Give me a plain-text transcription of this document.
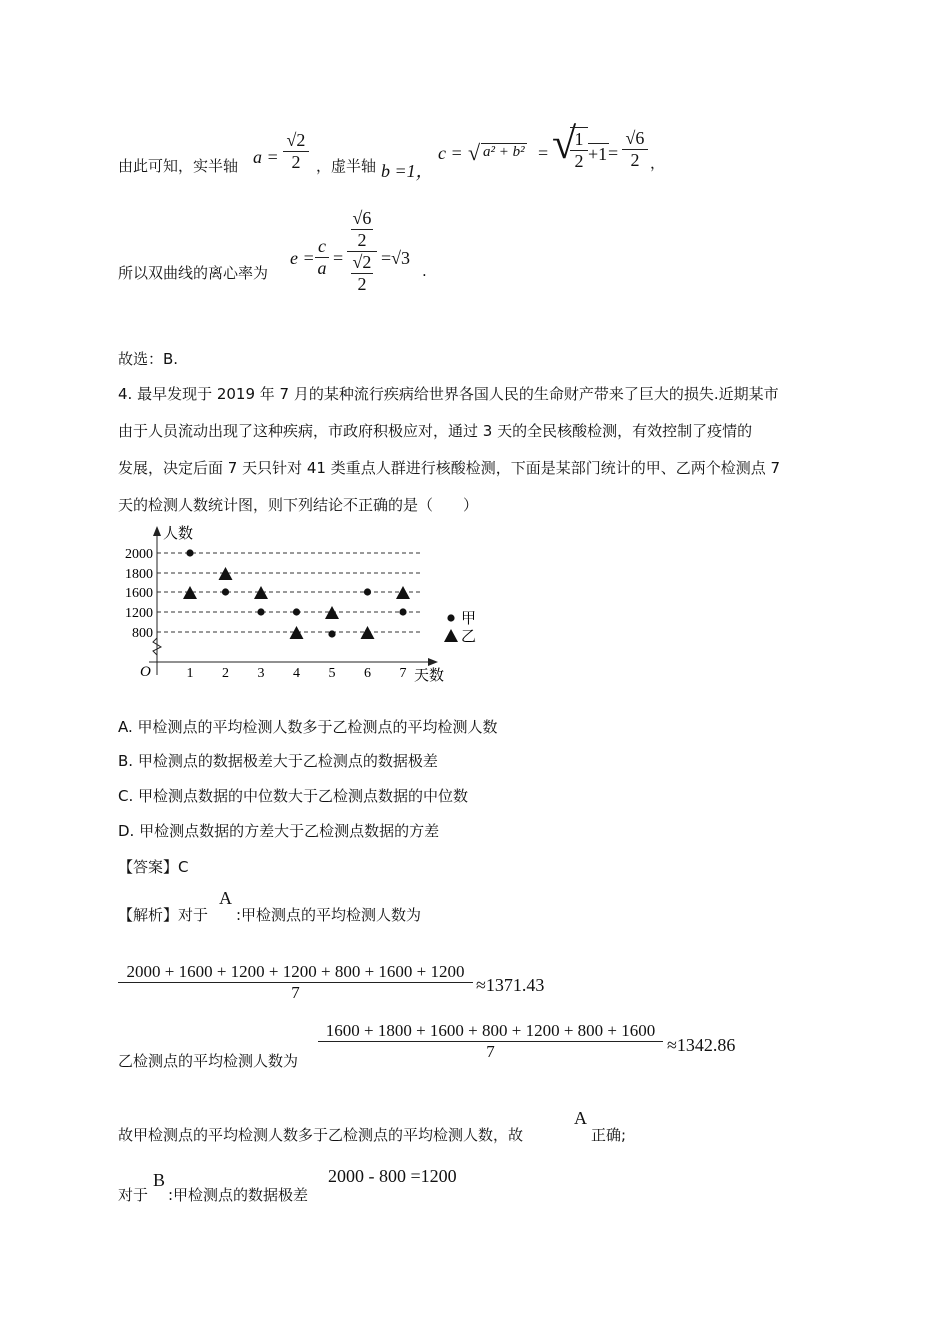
由此可知，实半轴 a =
√2
2	，虚半轴 b =1，
c = √ a² + b² = √
1
2 +1 =
√6
2 ，
所以双曲线的离心率为
e =
c
a =
√6
2
√2
2
=√3
.
故选：B.
4. 最早发现于 2019 年 7 月的某种流行疾病给世界各国人民的生命财产带来了巨大的损失.近期某市
由于人员流动出现了这种疾病，市政府积极应对，通过 3 天的全民核酸检测，有效控制了疫情的
发展，决定后面 7 天只针对 41 类重点人群进行核酸检测，下面是某部门统计的甲、乙两个检测点 7
天的检测人数统计图，则下列结论不正确的是（　　）
人数
天数
O
2000
1800
1600
1200
800
1 2 3 4 5 6 7
甲
乙
A. 甲检测点的平均检测人数多于乙检测点的平均检测人数
B. 甲检测点的数据极差大于乙检测点的数据极差
C. 甲检测点数据的中位数大于乙检测点数据的中位数
D. 甲检测点数据的方差大于乙检测点数据的方差
【答案】C
【解析】对于
A
:甲检测点的平均检测人数为
2000 + 1600 + 1200 + 1200 + 800 + 1600 + 1200
7	≈1371.43
乙检测点的平均检测人数为
1600 + 1800 + 1600 + 800 + 1200 + 800 + 1600
7	≈1342.86
故甲检测点的平均检测人数多于乙检测点的平均检测人数，故
A
正确;
对于
B
:甲检测点的数据极差
2000 - 800 =1200
